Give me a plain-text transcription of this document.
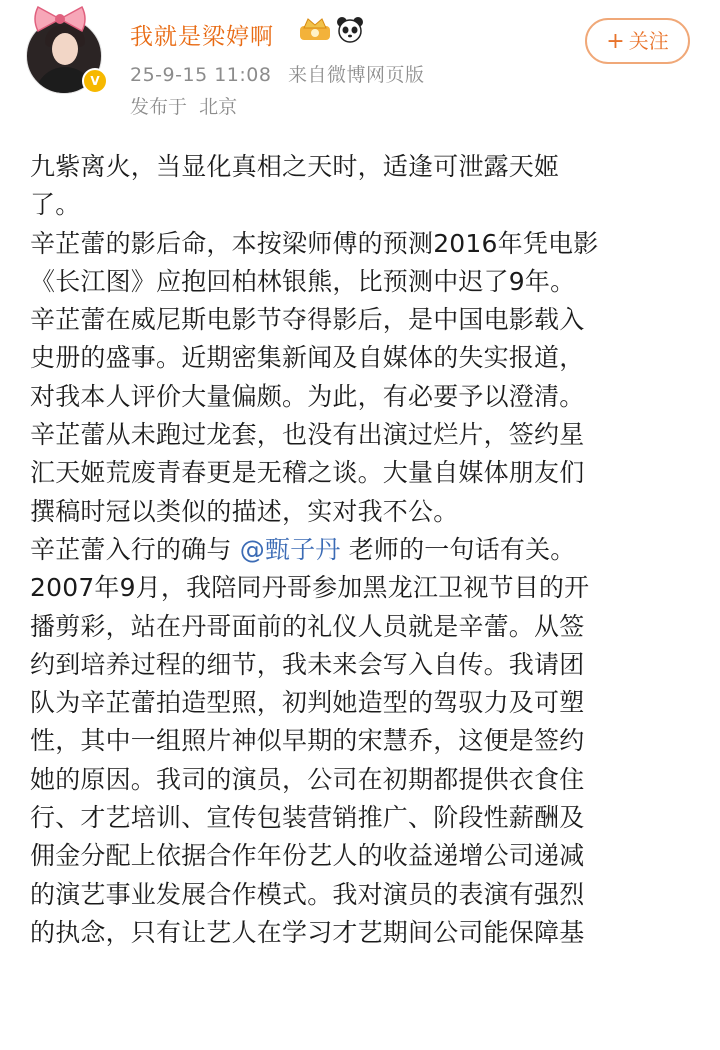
V
我就是梁婷啊
25-9-15 11:08 来自微博网页版
发布于 北京
+ 关注
九紫离火，当显化真相之天时，适逢可泄露天姬
了。
辛芷蕾的影后命，本按梁师傅的预测2016年凭电影
《长江图》应抱回柏林银熊，比预测中迟了9年。
辛芷蕾在威尼斯电影节夺得影后，是中国电影载入
史册的盛事。近期密集新闻及自媒体的失实报道，
对我本人评价大量偏颇。为此，有必要予以澄清。
辛芷蕾从未跑过龙套，也没有出演过烂片，签约星
汇天姬荒废青春更是无稽之谈。大量自媒体朋友们
撰稿时冠以类似的描述，实对我不公。
辛芷蕾入行的确与 @甄子丹 老师的一句话有关。
2007年9月，我陪同丹哥参加黑龙江卫视节目的开
播剪彩，站在丹哥面前的礼仪人员就是辛蕾。从签
约到培养过程的细节，我未来会写入自传。我请团
队为辛芷蕾拍造型照，初判她造型的驾驭力及可塑
性，其中一组照片神似早期的宋慧乔，这便是签约
她的原因。我司的演员，公司在初期都提供衣食住
行、才艺培训、宣传包装营销推广、阶段性薪酬及
佣金分配上依据合作年份艺人的收益递增公司递减
的演艺事业发展合作模式。我对演员的表演有强烈
的执念，只有让艺人在学习才艺期间公司能保障基
